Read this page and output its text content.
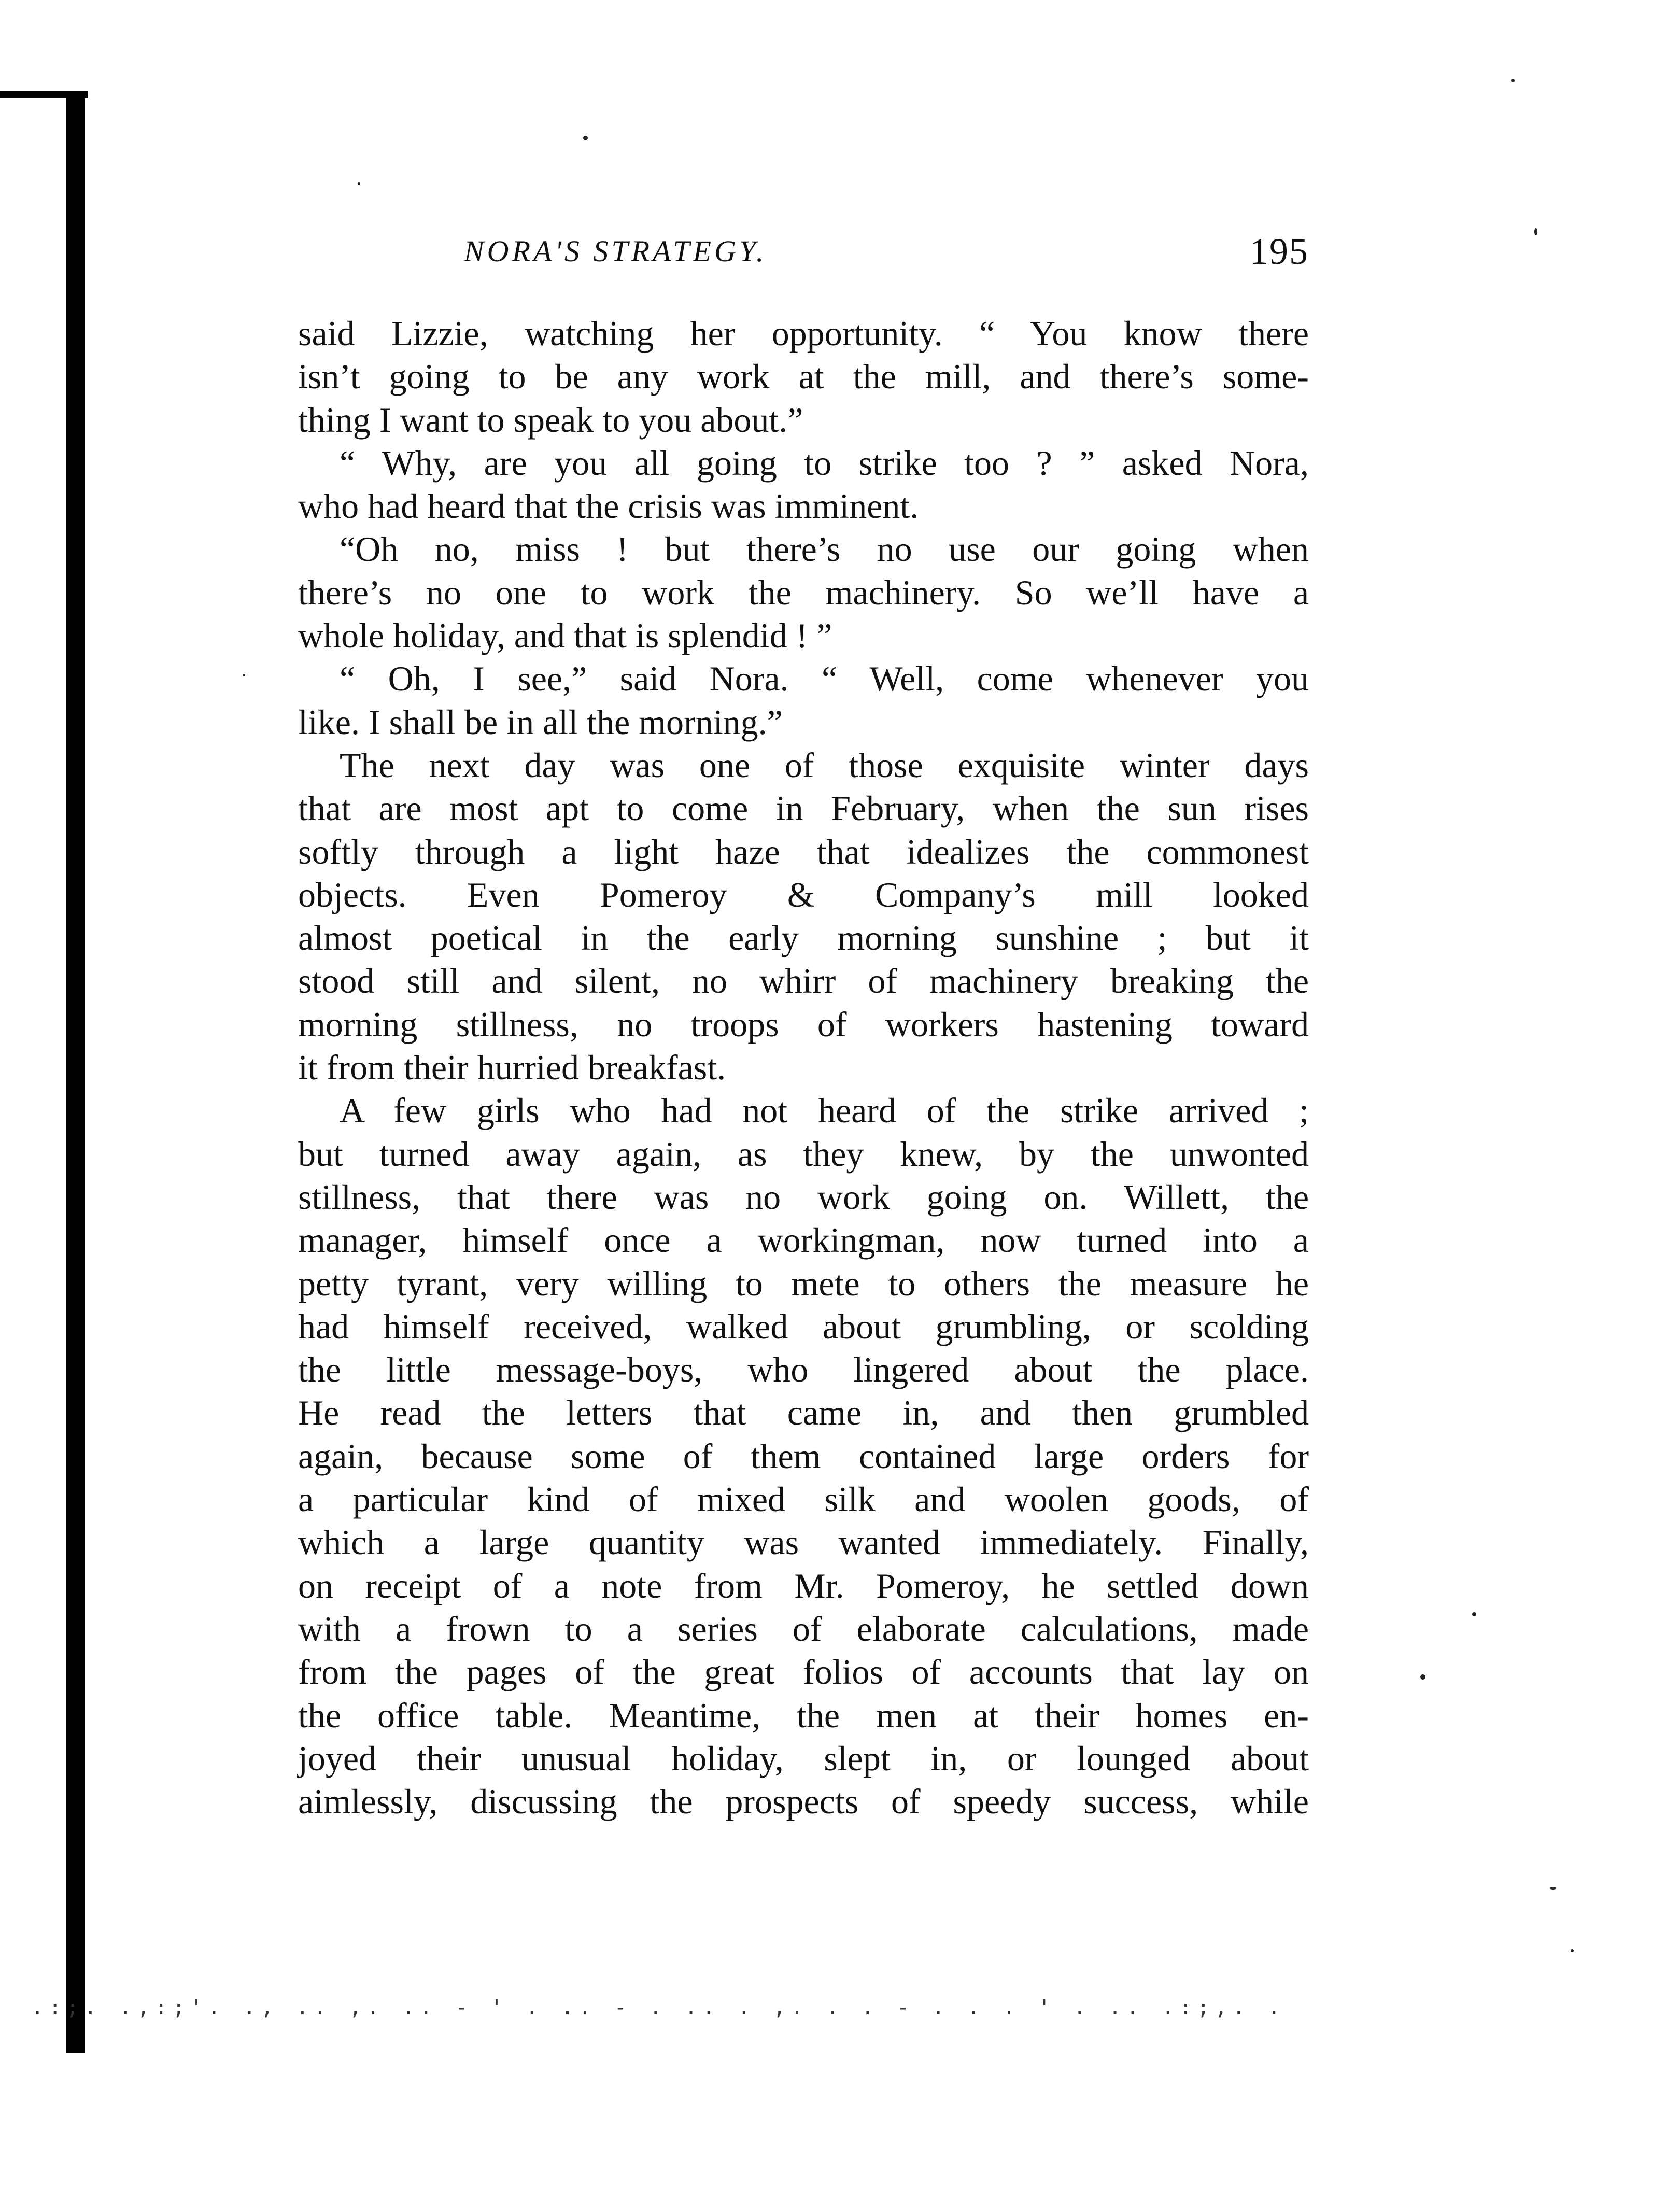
.:;. .,:;'. ., .. ,. .. - ' . .. - . .. . ,. . . - . . . ' . .. .:;,. .
NORA'S STRATEGY.	195
said Lizzie, watching her opportunity. “ You know there
isn’t going to be any work at the mill, and there’s some-
thing I want to speak to you about.”
“ Why, are you all going to strike too ? ” asked Nora,
who had heard that the crisis was imminent.
“Oh no, miss ! but there’s no use our going when
there’s no one to work the machinery. So we’ll have a
whole holiday, and that is splendid ! ”
“ Oh, I see,” said Nora. “ Well, come whenever you
like. I shall be in all the morning.”
The next day was one of those exquisite winter days
that are most apt to come in February, when the sun rises
softly through a light haze that idealizes the commonest
objects. Even Pomeroy & Company’s mill looked
almost poetical in the early morning sunshine ; but it
stood still and silent, no whirr of machinery breaking the
morning stillness, no troops of workers hastening toward
it from their hurried breakfast.
A few girls who had not heard of the strike arrived ;
but turned away again, as they knew, by the unwonted
stillness, that there was no work going on. Willett, the
manager, himself once a workingman, now turned into a
petty tyrant, very willing to mete to others the measure he
had himself received, walked about grumbling, or scolding
the little message-boys, who lingered about the place.
He read the letters that came in, and then grumbled
again, because some of them contained large orders for
a particular kind of mixed silk and woolen goods, of
which a large quantity was wanted immediately. Finally,
on receipt of a note from Mr. Pomeroy, he settled down
with a frown to a series of elaborate calculations, made
from the pages of the great folios of accounts that lay on
the office table. Meantime, the men at their homes en-
joyed their unusual holiday, slept in, or lounged about
aimlessly, discussing the prospects of speedy success, while
